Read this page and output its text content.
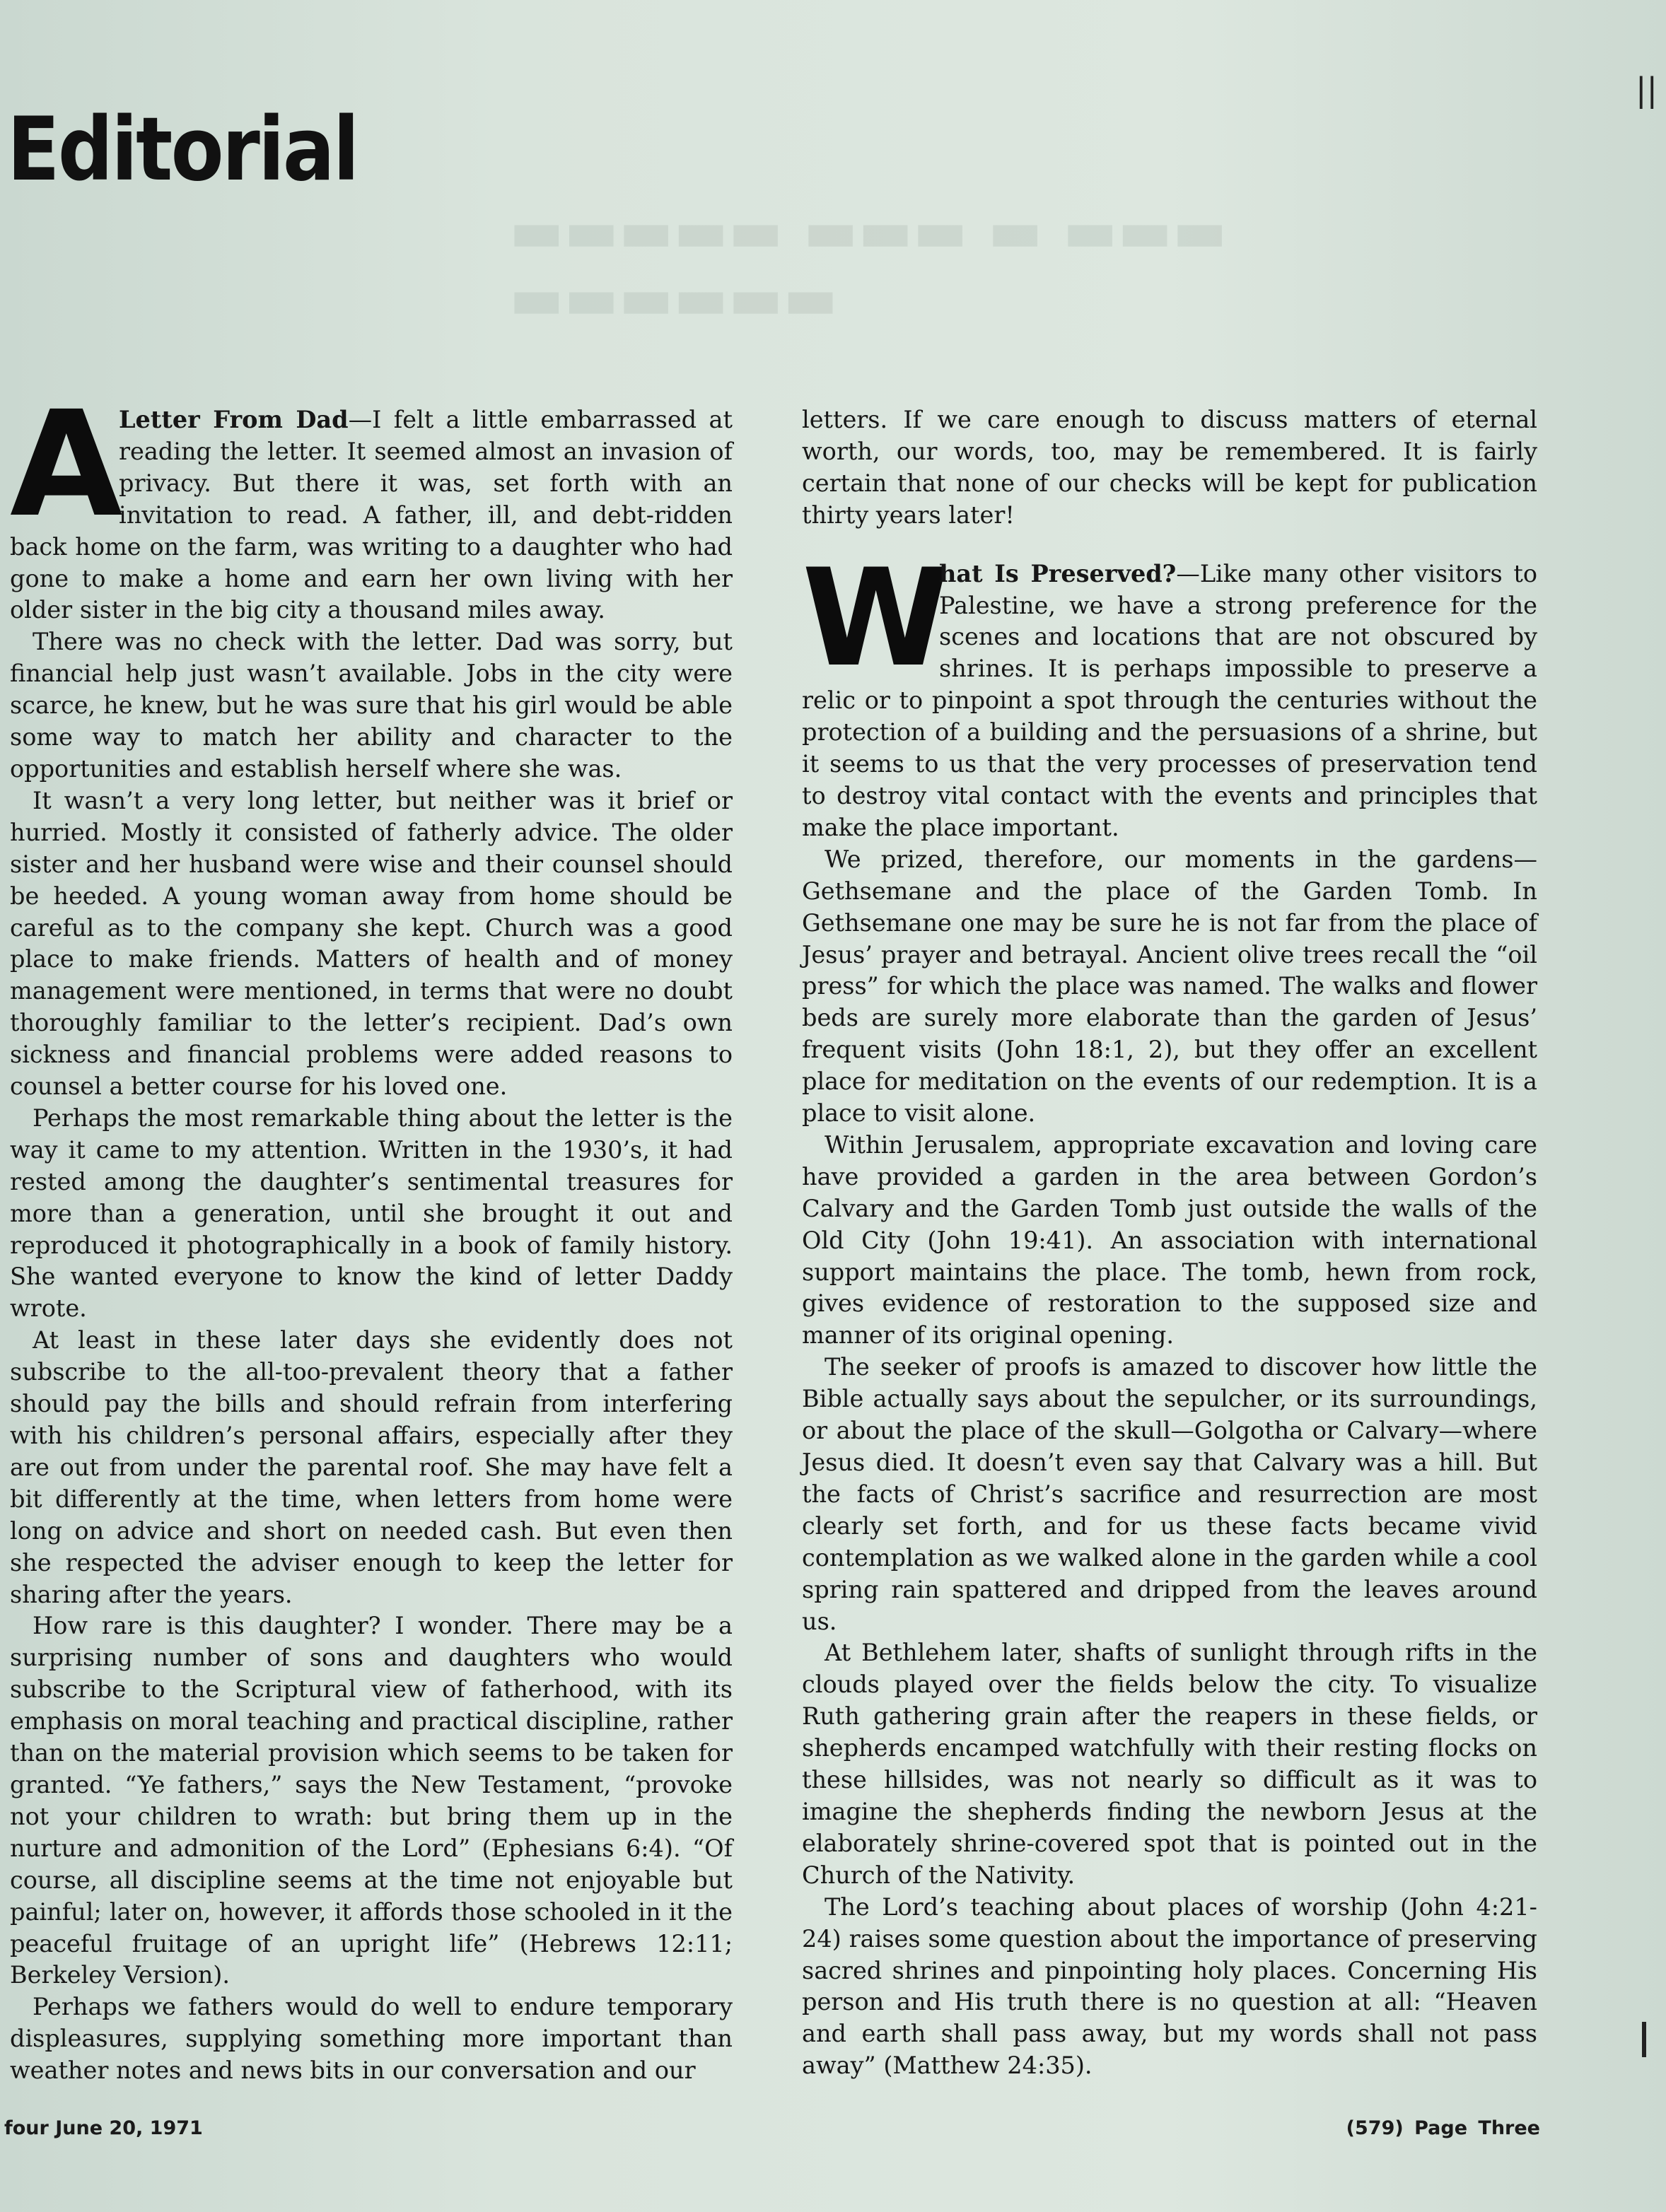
Editorial
▬▬▬ ▬ ▬▬▬ ▬▬▬▬▬ ▬▬▬▬▬▬
||

A
Letter From Dad—I felt a little embarrassed at reading the letter. It seemed almost an invasion of privacy. But there it was, set forth with an invitation to read. A father, ill, and debt-ridden back home on the farm, was writing to a daughter who had gone to make a home and earn her own living with her older sister in the big city a thousand miles away.

There was no check with the letter. Dad was sorry, but financial help just wasn’t available. Jobs in the city were scarce, he knew, but he was sure that his girl would be able some way to match her ability and character to the opportunities and establish herself where she was.

It wasn’t a very long letter, but neither was it brief or hurried. Mostly it consisted of fatherly advice. The older sister and her husband were wise and their counsel should be heeded. A young woman away from home should be careful as to the company she kept. Church was a good place to make friends. Matters of health and of money management were mentioned, in terms that were no doubt thoroughly familiar to the letter’s recipient. Dad’s own sickness and financial problems were added reasons to counsel a better course for his loved one.

Perhaps the most remarkable thing about the letter is the way it came to my attention. Written in the 1930’s, it had rested among the daughter’s sentimental treasures for more than a generation, until she brought it out and reproduced it photographically in a book of family history. She wanted everyone to know the kind of letter Daddy wrote.

At least in these later days she evidently does not subscribe to the all-too-prevalent theory that a father should pay the bills and should refrain from interfering with his children’s personal affairs, especially after they are out from under the parental roof. She may have felt a bit differently at the time, when letters from home were long on advice and short on needed cash. But even then she respected the adviser enough to keep the letter for sharing after the years.

How rare is this daughter? I wonder. There may be a surprising number of sons and daughters who would subscribe to the Scriptural view of fatherhood, with its emphasis on moral teaching and practical discipline, rather than on the material provision which seems to be taken for granted. “Ye fathers,” says the New Testament, “provoke not your children to wrath: but bring them up in the nurture and admonition of the Lord” (Ephesians 6:4). “Of course, all discipline seems at the time not enjoyable but painful; later on, however, it affords those schooled in it the peaceful fruitage of an upright life” (Hebrews 12:11; Berkeley Version).

Perhaps we fathers would do well to endure temporary displeasures, supplying something more important than weather notes and news bits in our conversation and our

letters. If we care enough to discuss matters of eternal worth, our words, too, may be remembered. It is fairly certain that none of our checks will be kept for publication thirty years later!

W
hat Is Preserved?—Like many other visitors to Palestine, we have a strong preference for the scenes and locations that are not obscured by shrines. It is perhaps impossible to preserve a relic or to pinpoint a spot through the centuries without the protection of a building and the persuasions of a shrine, but it seems to us that the very processes of preservation tend to destroy vital contact with the events and principles that make the place important.

We prized, therefore, our moments in the gardens—Gethsemane and the place of the Garden Tomb. In Gethsemane one may be sure he is not far from the place of Jesus’ prayer and betrayal. Ancient olive trees recall the “oil press” for which the place was named. The walks and flower beds are surely more elaborate than the garden of Jesus’ frequent visits (John 18:1, 2), but they offer an excellent place for meditation on the events of our redemption. It is a place to visit alone.

Within Jerusalem, appropriate excavation and loving care have provided a garden in the area between Gordon’s Calvary and the Garden Tomb just outside the walls of the Old City (John 19:41). An association with international support maintains the place. The tomb, hewn from rock, gives evidence of restoration to the supposed size and manner of its original opening.

The seeker of proofs is amazed to discover how little the Bible actually says about the sepulcher, or its surroundings, or about the place of the skull—Golgotha or Calvary—where Jesus died. It doesn’t even say that Calvary was a hill. But the facts of Christ’s sacrifice and resurrection are most clearly set forth, and for us these facts became vivid contemplation as we walked alone in the garden while a cool spring rain spattered and dripped from the leaves around us.

At Bethlehem later, shafts of sunlight through rifts in the clouds played over the fields below the city. To visualize Ruth gathering grain after the reapers in these fields, or shepherds encamped watchfully with their resting flocks on these hillsides, was not nearly so difficult as it was to imagine the shepherds finding the newborn Jesus at the elaborately shrine-covered spot that is pointed out in the Church of the Nativity.

The Lord’s teaching about places of worship (John 4:21-24) raises some question about the importance of preserving sacred shrines and pinpointing holy places. Concerning His person and His truth there is no question at all: “Heaven and earth shall pass away, but my words shall not pass away” (Matthew 24:35).

four June 20, 1971	(579) Page Three
